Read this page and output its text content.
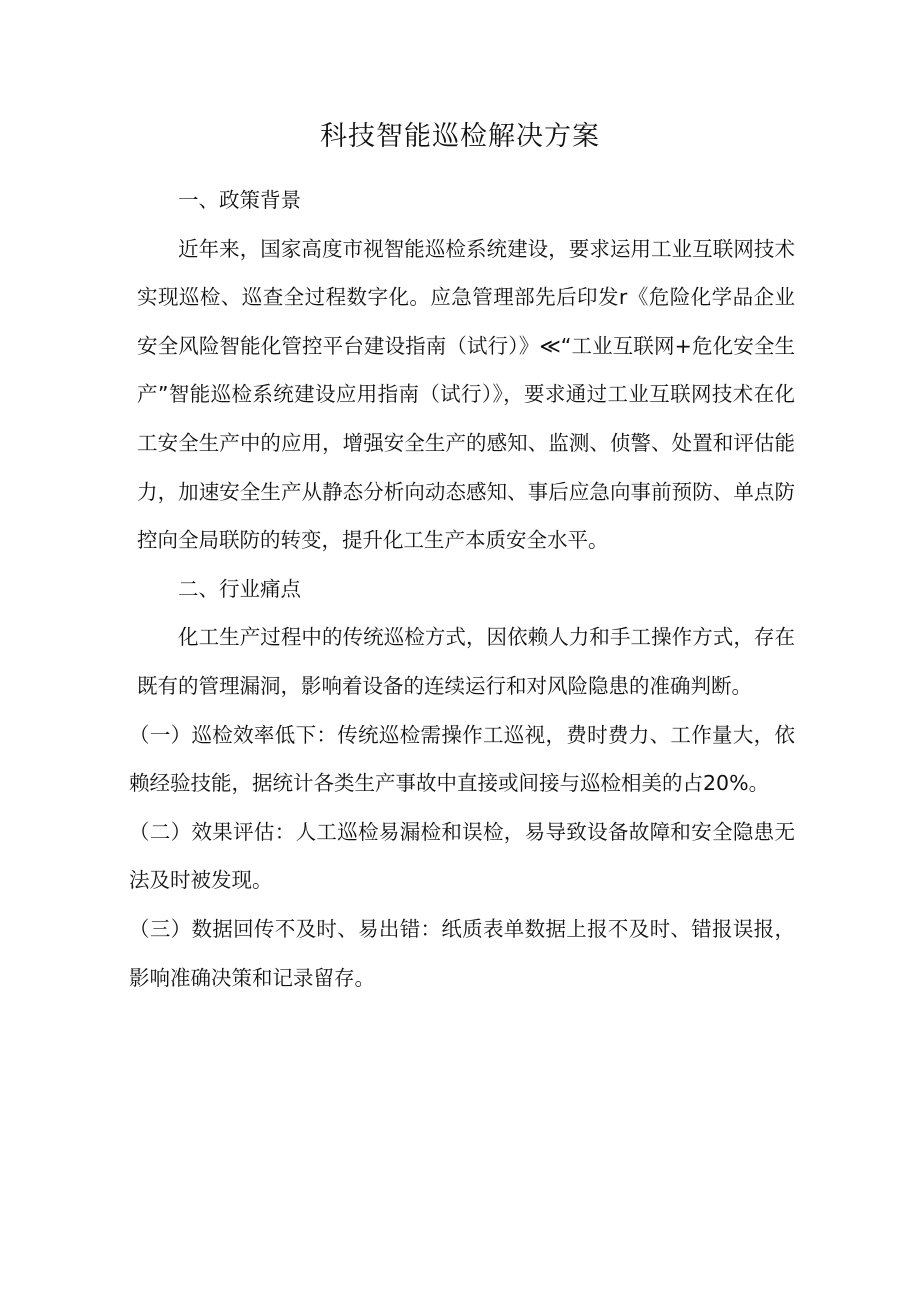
科技智能巡检解决方案

一、政策背景

近年来，国家高度市视智能巡检系统建设，要求运用工业互联网技术实现巡检、巡查全过程数字化。应急管理部先后印发r《危险化学品企业安全风险智能化管控平台建设指南（试行）》≪“工业互联网+危化安全生产”智能巡检系统建设应用指南（试行）》，要求通过工业互联网技术在化工安全生产中的应用，增强安全生产的感知、监测、侦警、处置和评估能力，加速安全生产从静态分析向动态感知、事后应急向事前预防、单点防控向全局联防的转变，提升化工生产本质安全水平。

二、行业痛点

化工生产过程中的传统巡检方式，因依赖人力和手工操作方式，存在既有的管理漏洞，影响着设备的连续运行和对风险隐患的准确判断。

（一）巡检效率低下：传统巡检需操作工巡视，费时费力、工作量大，依赖经验技能，据统计各类生产事故中直接或间接与巡检相美的占20%。

（二）效果评估：人工巡检易漏检和误检，易导致设备故障和安全隐患无法及时被发现。

（三）数据回传不及时、易出错：纸质表单数据上报不及时、错报误报，影响准确决策和记录留存。
